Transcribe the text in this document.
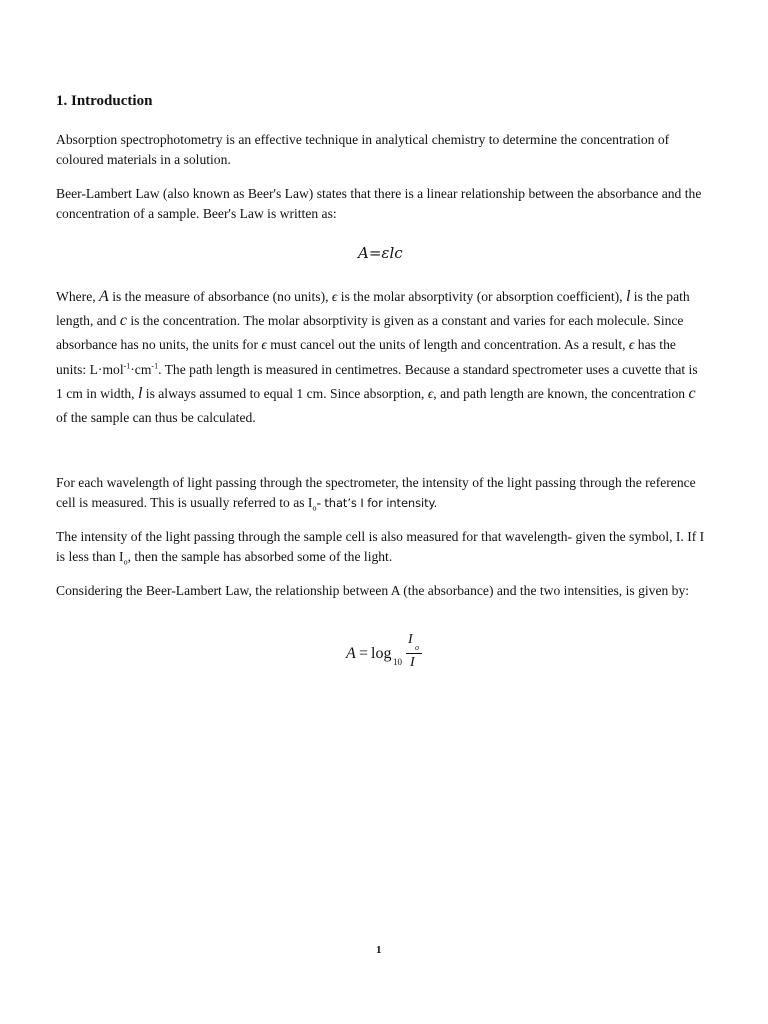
1. Introduction

Absorption spectrophotometry is an effective technique in analytical chemistry to determine the concentration of coloured materials in a solution.

Beer-Lambert Law (also known as Beer's Law) states that there is a linear relationship between the absorbance and the concentration of a sample. Beer's Law is written as:

A=εlc

Where, A is the measure of absorbance (no units), ϵ is the molar absorptivity (or absorption coefficient), l is the path length, and c is the concentration. The molar absorptivity is given as a constant and varies for each molecule. Since absorbance has no units, the units for ϵ must cancel out the units of length and concentration. As a result, ϵ has the units: $L\cdot mol^{-1}\cdot cm^{-1}$. The path length is measured in centimetres. Because a standard spectrometer uses a cuvette that is 1 cm in width, l is always assumed to equal 1 cm. Since absorption, ϵ, and path length are known, the concentration c of the sample can thus be calculated.

For each wavelength of light passing through the spectrometer, the intensity of the light passing through the reference cell is measured. This is usually referred to as $I_o-$ that’s I for intensity.

The intensity of the light passing through the sample cell is also measured for that wavelength- given the symbol, I. If I is less than $I_o$, then the sample has absorbed some of the light.

Considering the Beer-Lambert Law, the relationship between A (the absorbance) and the two intensities, is given by:

A = log 10
I
o
I
1
